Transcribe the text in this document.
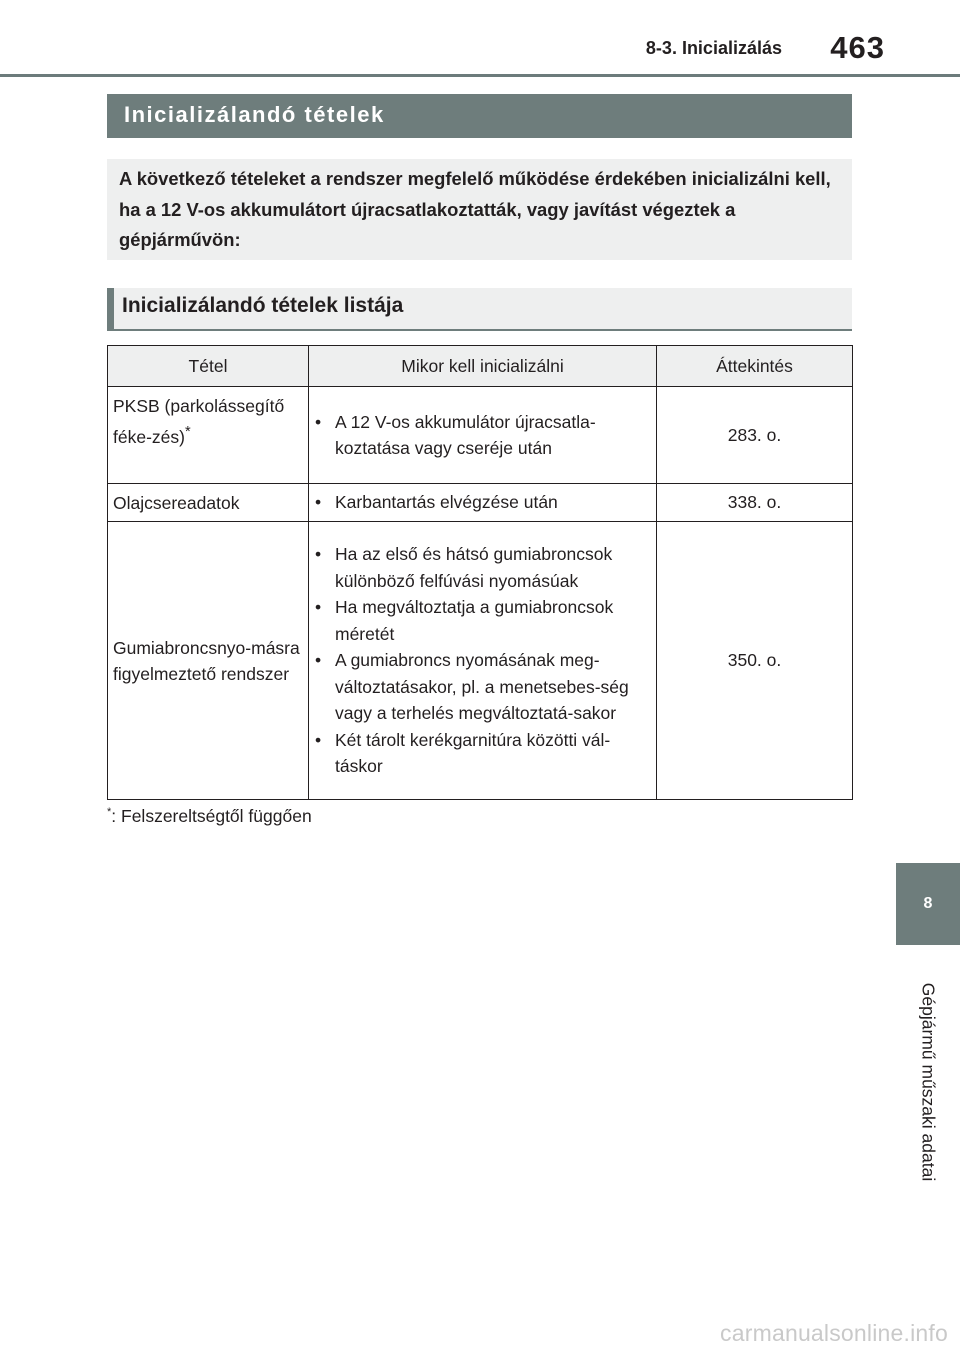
8-3. Inicializálás 463
Inicializálandó tételek
A következő tételeket a rendszer megfelelő működése érdekében inicializálni kell, ha a 12 V-os akkumulátort újracsatlakoztatták, vagy javítást végeztek a gépjárművön:
Inicializálandó tételek listája
Tétel	Mikor kell inicializálni	Áttekintés
PKSB (parkolássegítő féke-zés)*	• A 12 V-os akkumulátor újracsatla-koztatása vagy cseréje után	283. o.
Olajcsereadatok	• Karbantartás elvégzése után	338. o.
Gumiabroncsnyo-másra figyelmeztető rendszer	• Ha az első és hátsó gumiabroncsok különböző felfúvási nyomásúak
• Ha megváltoztatja a gumiabroncsok méretét
• A gumiabroncs nyomásának meg-változtatásakor, pl. a menetsebes-ség vagy a terhelés megváltoztatá-sakor
• Két tárolt kerékgarnitúra közötti vál-táskor	350. o.
*: Felszereltségtől függően
8
Gépjármű műszaki adatai
carmanualsonline.info
